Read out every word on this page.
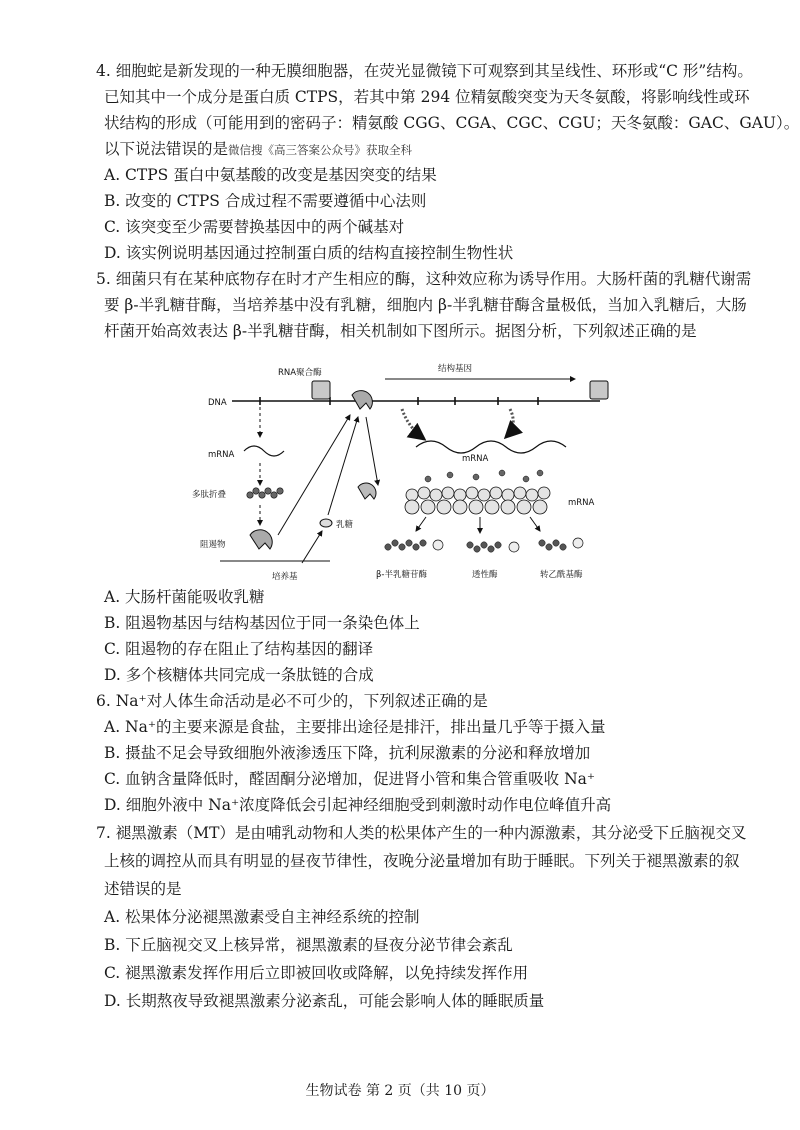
4. 细胞蛇是新发现的一种无膜细胞器，在荧光显微镜下可观察到其呈线性、环形或“C 形”结构。
已知其中一个成分是蛋白质 CTPS，若其中第 294 位精氨酸突变为天冬氨酸，将影响线性或环
状结构的形成（可能用到的密码子：精氨酸 CGG、CGA、CGC、CGU；天冬氨酸：GAC、GAU）。
以下说法错误的是微信搜《高三答案公众号》获取全科
A. CTPS 蛋白中氨基酸的改变是基因突变的结果
B. 改变的 CTPS 合成过程不需要遵循中心法则
C. 该突变至少需要替换基因中的两个碱基对
D. 该实例说明基因通过控制蛋白质的结构直接控制生物性状
5. 细菌只有在某种底物存在时才产生相应的酶，这种效应称为诱导作用。大肠杆菌的乳糖代谢需
要 β-半乳糖苷酶，当培养基中没有乳糖，细胞内 β-半乳糖苷酶含量极低，当加入乳糖后，大肠
杆菌开始高效表达 β-半乳糖苷酶，相关机制如下图所示。据图分析，下列叙述正确的是
RNA聚合酶	结构基因
DNA
mRNA
多肽折叠
阻遏物
乳糖
培养基
mRNA
mRNA
β-半乳糖苷酶	透性酶	转乙酰基酶
A. 大肠杆菌能吸收乳糖
B. 阻遏物基因与结构基因位于同一条染色体上
C. 阻遏物的存在阻止了结构基因的翻译
D. 多个核糖体共同完成一条肽链的合成
6. Na⁺对人体生命活动是必不可少的，下列叙述正确的是
A. Na⁺的主要来源是食盐，主要排出途径是排汗，排出量几乎等于摄入量
B. 摄盐不足会导致细胞外液渗透压下降，抗利尿激素的分泌和释放增加
C. 血钠含量降低时，醛固酮分泌增加，促进肾小管和集合管重吸收 Na⁺
D. 细胞外液中 Na⁺浓度降低会引起神经细胞受到刺激时动作电位峰值升高
7. 褪黑激素（MT）是由哺乳动物和人类的松果体产生的一种内源激素，其分泌受下丘脑视交叉
上核的调控从而具有明显的昼夜节律性，夜晚分泌量增加有助于睡眠。下列关于褪黑激素的叙
述错误的是
A. 松果体分泌褪黑激素受自主神经系统的控制
B. 下丘脑视交叉上核异常，褪黑激素的昼夜分泌节律会紊乱
C. 褪黑激素发挥作用后立即被回收或降解，以免持续发挥作用
D. 长期熬夜导致褪黑激素分泌紊乱，可能会影响人体的睡眠质量
生物试卷 第 2 页（共 10 页）
